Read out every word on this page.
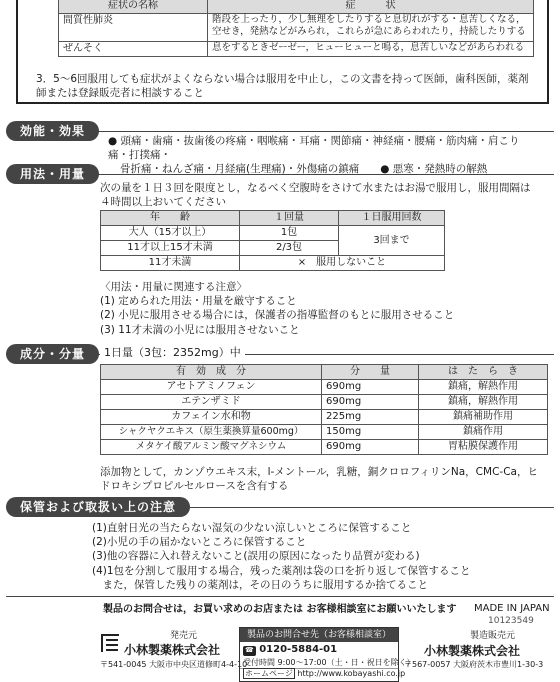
症状の名称	症　　　状
間質性肺炎	階段を上ったり，少し無理をしたりすると息切れがする・息苦しくなる，空せき，発熱などがみられ，これらが急にあらわれたり，持続したりする
ぜんそく	息をするときゼーゼー，ヒューヒューと鳴る，息苦しいなどがあらわれる
3．5～6回服用しても症状がよくならない場合は服用を中止し，この文書を持って医師，歯科医師，薬剤師または登録販売者に相談すること
効能・効果
● 頭痛・歯痛・抜歯後の疼痛・咽喉痛・耳痛・関節痛・神経痛・腰痛・筋肉痛・肩こり痛・打撲痛・
骨折痛・ねんざ痛・月経痛(生理痛)・外傷痛の鎮痛　　● 悪寒・発熱時の解熱
用法・用量
次の量を１日３回を限度とし，なるべく空腹時をさけて水またはお湯で服用し，服用間隔は４時間以上おいてください
年　　齢	１回量	１日服用回数
大人（15才以上）	1包	3回まで
11才以上15才未満	2/3包	
11才未満	×　服用しないこと	
〈用法・用量に関連する注意〉
(1) 定められた用法・用量を厳守すること
(2) 小児に服用させる場合には，保護者の指導監督のもとに服用させること
(3) 11才未満の小児には服用させないこと
成分・分量	1日量（3包：2352mg）中
有　効　成　分	分　　量	は　た　ら　き
アセトアミノフェン	690mg	鎮痛，解熱作用
エテンザミド	690mg	鎮痛，解熱作用
カフェイン水和物	225mg	鎮痛補助作用
シャクヤクエキス（原生薬換算量600mg）	150mg	鎮痛作用
メタケイ酸アルミン酸マグネシウム	690mg	胃粘膜保護作用
添加物として，カンゾウエキス末，l-メントール，乳糖，銅クロロフィリンNa，CMC-Ca，ヒドロキシプロピルセルロースを含有する
保管および取扱い上の注意
(1)直射日光の当たらない湿気の少ない涼しいところに保管すること
(2)小児の手の届かないところに保管すること
(3)他の容器に入れ替えないこと(誤用の原因になったり品質が変わる)
(4)1包を分割して服用する場合，残った薬剤は袋の口を折り返して保管すること
　また，保管した残りの薬剤は，その日のうちに服用するか捨てること
製品のお問合せは，お買い求めのお店または お客様相談室にお願いいたします MADE IN JAPAN
10123549
発売元
小林製薬株式会社
〒541-0045 大阪市中央区道修町4-4-10
製品のお問合せ先（お客様相談室）
☎ 0120-5884-01
受付時間 9:00～17:00（土・日・祝日を除く）
ホームページ http://www.kobayashi.co.jp
製造販売元
小林製薬株式会社
〒567-0057 大阪府茨木市豊川1-30-3
